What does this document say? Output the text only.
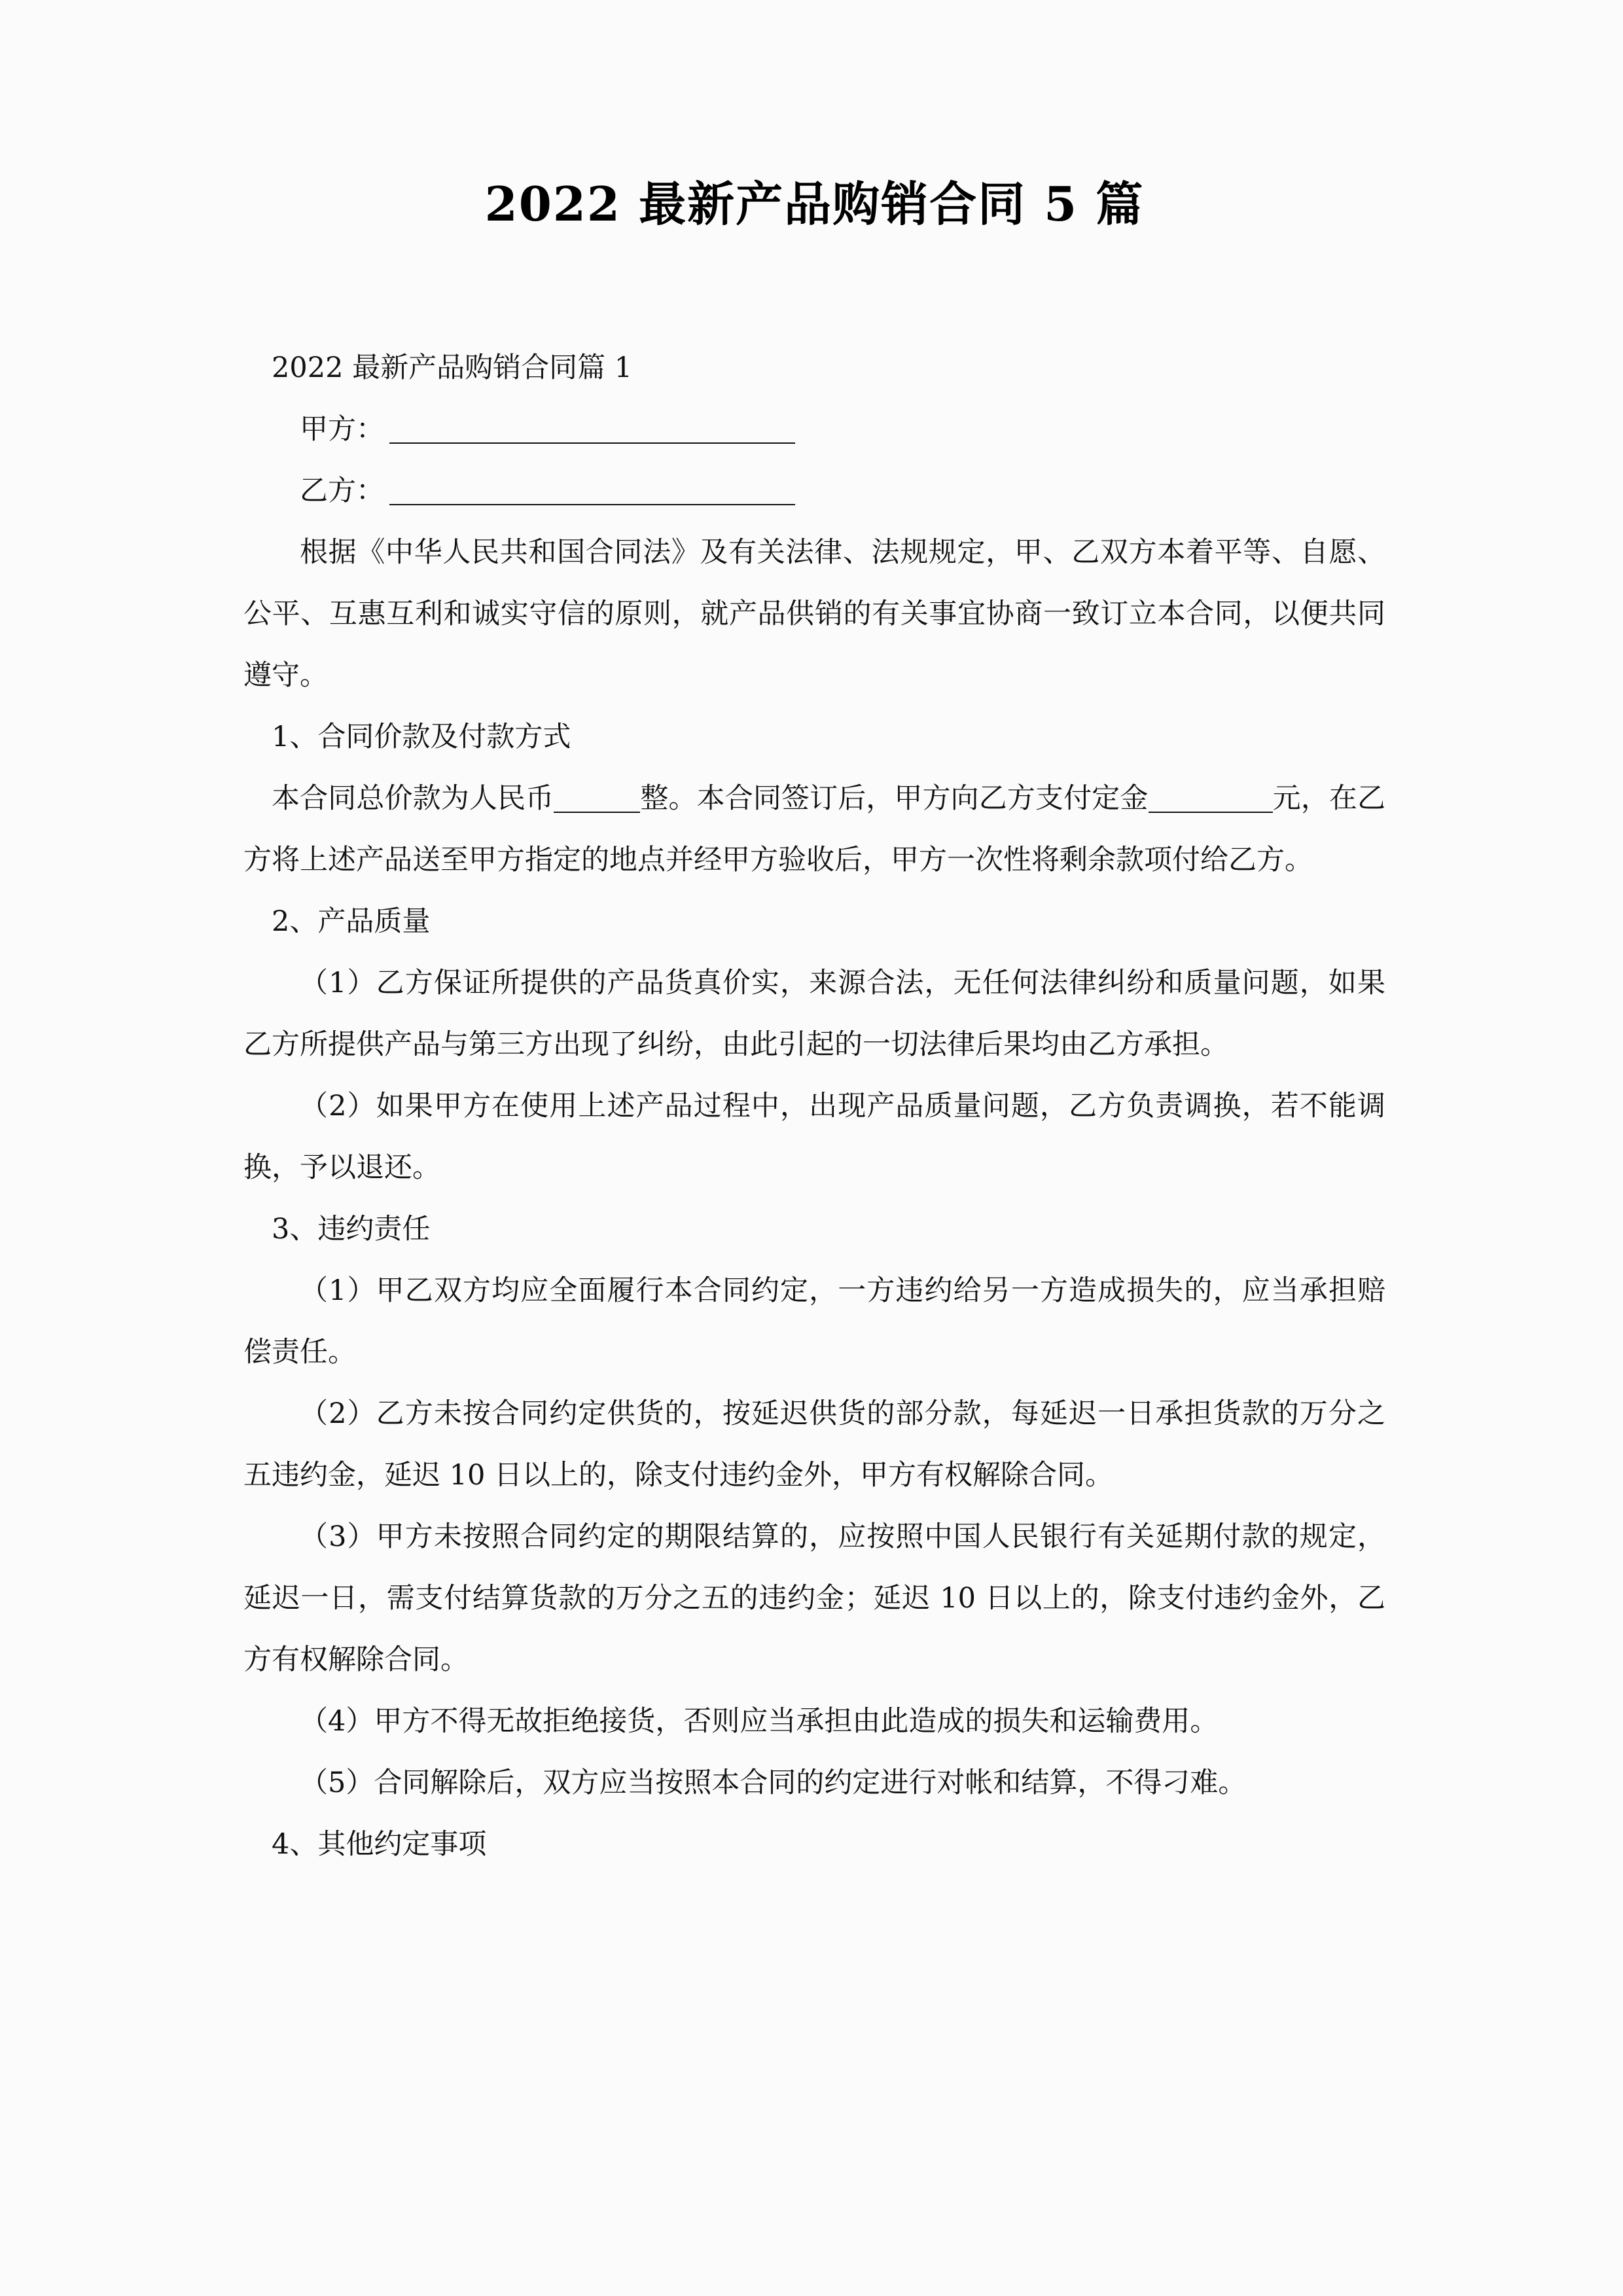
2022 最新产品购销合同 5 篇

2022 最新产品购销合同篇 1

甲方：

乙方：

根据《中华人民共和国合同法》及有关法律、法规规定，甲、乙双方本着平等、自愿、公平、互惠互利和诚实守信的原则，就产品供销的有关事宜协商一致订立本合同，以便共同遵守。

1、合同价款及付款方式

本合同总价款为人民币	整。本合同签订后，甲方向乙方支付定金	元，在乙方将上述产品送至甲方指定的地点并经甲方验收后，甲方一次性将剩余款项付给乙方。

2、产品质量

（1）乙方保证所提供的产品货真价实，来源合法，无任何法律纠纷和质量问题，如果乙方所提供产品与第三方出现了纠纷，由此引起的一切法律后果均由乙方承担。

（2）如果甲方在使用上述产品过程中，出现产品质量问题，乙方负责调换，若不能调换，予以退还。

3、违约责任

（1）甲乙双方均应全面履行本合同约定，一方违约给另一方造成损失的，应当承担赔偿责任。

（2）乙方未按合同约定供货的，按延迟供货的部分款，每延迟一日承担货款的万分之五违约金，延迟 10 日以上的，除支付违约金外，甲方有权解除合同。

（3）甲方未按照合同约定的期限结算的，应按照中国人民银行有关延期付款的规定，延迟一日，需支付结算货款的万分之五的违约金；延迟 10 日以上的，除支付违约金外，乙方有权解除合同。

（4）甲方不得无故拒绝接货，否则应当承担由此造成的损失和运输费用。

（5）合同解除后，双方应当按照本合同的约定进行对帐和结算，不得刁难。

4、其他约定事项
